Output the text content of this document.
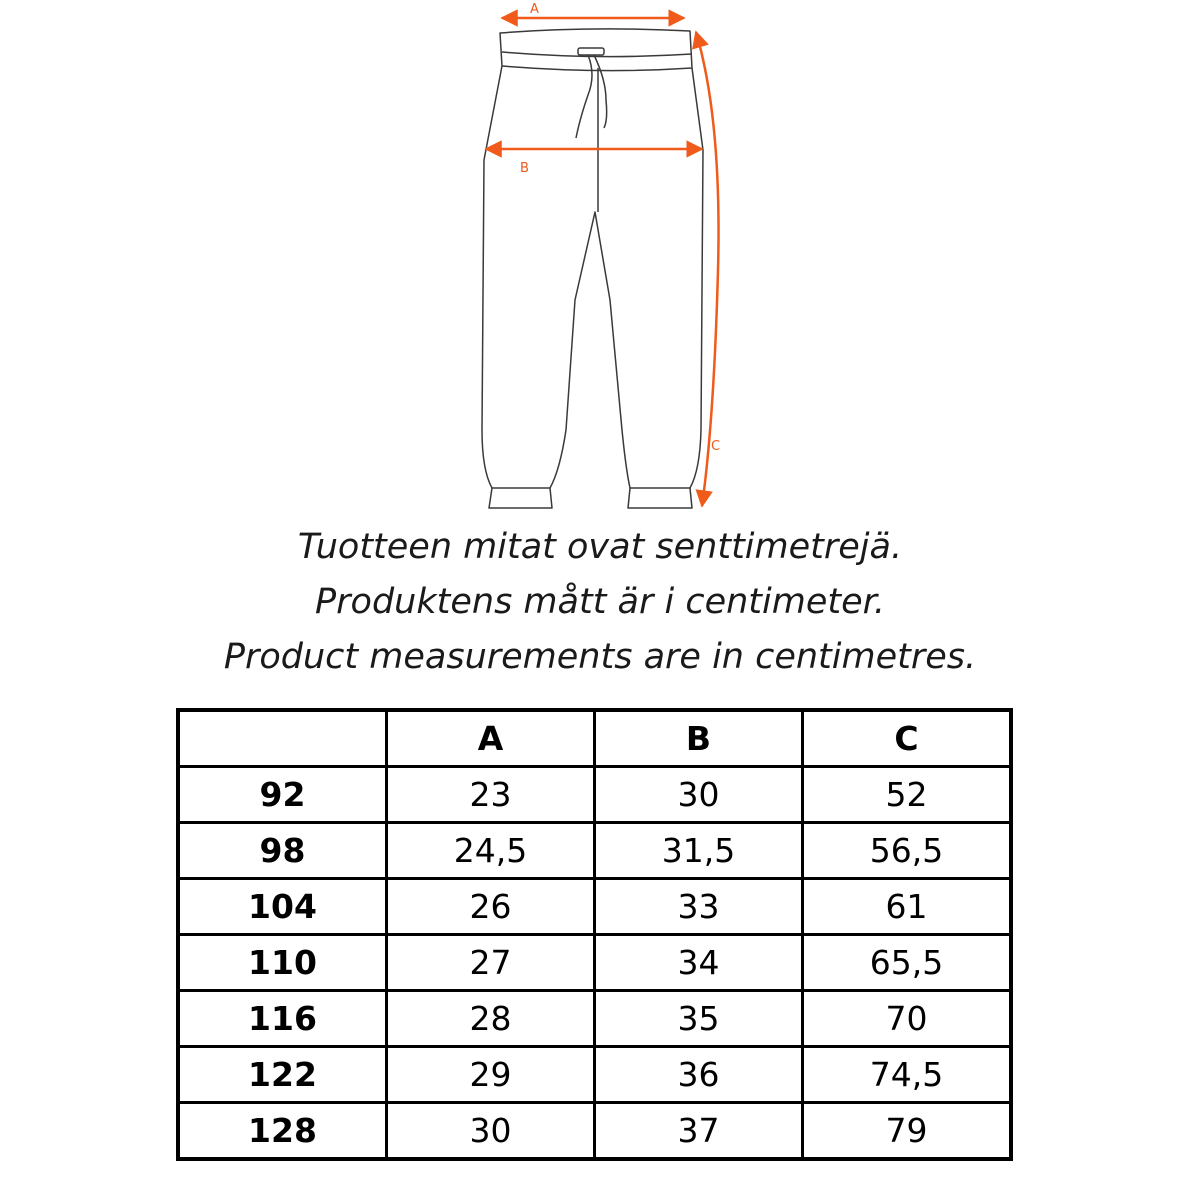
A
B
C

Tuotteen mitat ovat senttimetrejä.

Produktens mått är i centimeter.

Product measurements are in centimetres.

	A	B	C
92	23	30	52
98	24,5	31,5	56,5
104	26	33	61
110	27	34	65,5
116	28	35	70
122	29	36	74,5
128	30	37	79
